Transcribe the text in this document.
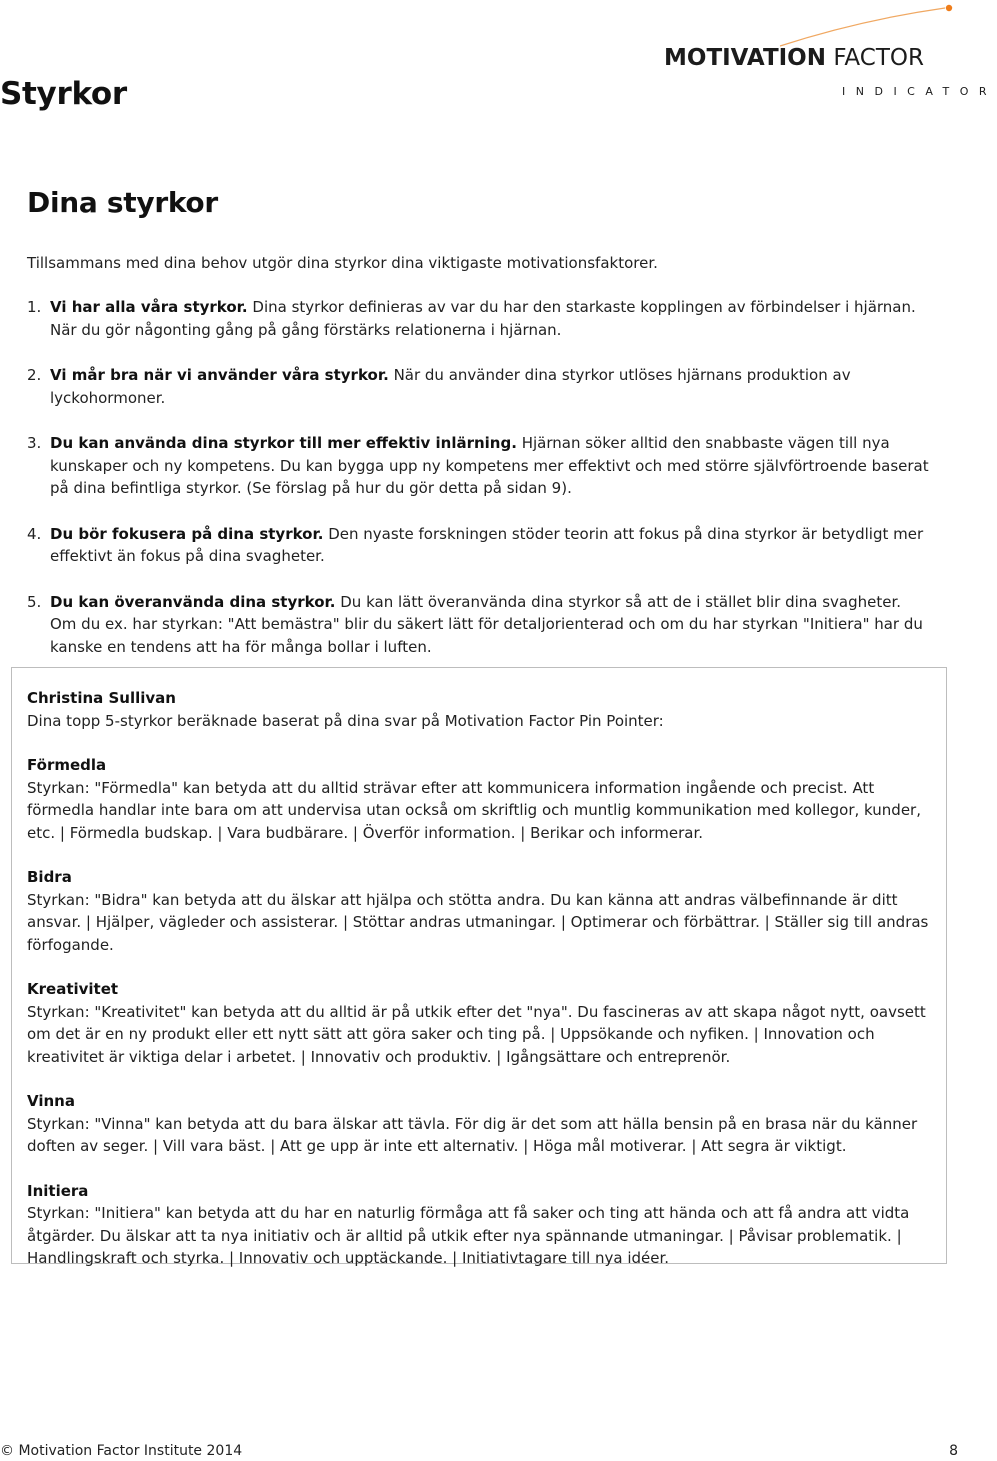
Styrkor
MOTIVATION FACTOR
INDICATOR
Dina styrkor

Tillsammans med dina behov utgör dina styrkor dina viktigaste motivationsfaktorer.

1. Vi har alla våra styrkor. Dina styrkor definieras av var du har den starkaste kopplingen av förbindelser i hjärnan. När du gör någonting gång på gång förstärks relationerna i hjärnan.

2. Vi mår bra när vi använder våra styrkor. När du använder dina styrkor utlöses hjärnans produktion av lyckohormoner.

3. Du kan använda dina styrkor till mer effektiv inlärning. Hjärnan söker alltid den snabbaste vägen till nya kunskaper och ny kompetens. Du kan bygga upp ny kompetens mer effektivt och med större självförtroende baserat på dina befintliga styrkor. (Se förslag på hur du gör detta på sidan 9).

4. Du bör fokusera på dina styrkor. Den nyaste forskningen stöder teorin att fokus på dina styrkor är betydligt mer effektivt än fokus på dina svagheter.

5. Du kan överanvända dina styrkor. Du kan lätt överanvända dina styrkor så att de i stället blir dina svagheter. Om du ex. har styrkan: "Att bemästra" blir du säkert lätt för detaljorienterad och om du har styrkan "Initiera" har du kanske en tendens att ha för många bollar i luften.

Christina Sullivan

Dina topp 5-styrkor beräknade baserat på dina svar på Motivation Factor Pin Pointer:

Förmedla

Styrkan: "Förmedla" kan betyda att du alltid strävar efter att kommunicera information ingående och precist. Att förmedla handlar inte bara om att undervisa utan också om skriftlig och muntlig kommunikation med kollegor, kunder, etc. | Förmedla budskap. | Vara budbärare. | Överför information. | Berikar och informerar.

Bidra

Styrkan: "Bidra" kan betyda att du älskar att hjälpa och stötta andra. Du kan känna att andras välbefinnande är ditt ansvar. | Hjälper, vägleder och assisterar. | Stöttar andras utmaningar. | Optimerar och förbättrar. | Ställer sig till andras förfogande.

Kreativitet

Styrkan: "Kreativitet" kan betyda att du alltid är på utkik efter det "nya". Du fascineras av att skapa något nytt, oavsett om det är en ny produkt eller ett nytt sätt att göra saker och ting på. | Uppsökande och nyfiken. | Innovation och kreativitet är viktiga delar i arbetet. | Innovativ och produktiv. | Igångsättare och entreprenör.

Vinna

Styrkan: "Vinna" kan betyda att du bara älskar att tävla. För dig är det som att hälla bensin på en brasa när du känner doften av seger. | Vill vara bäst. | Att ge upp är inte ett alternativ. | Höga mål motiverar. | Att segra är viktigt.

Initiera

Styrkan: "Initiera" kan betyda att du har en naturlig förmåga att få saker och ting att hända och att få andra att vidta åtgärder. Du älskar att ta nya initiativ och är alltid på utkik efter nya spännande utmaningar. | Påvisar problematik. | Handlingskraft och styrka. | Innovativ och upptäckande. | Initiativtagare till nya idéer.

© Motivation Factor Institute 2014	8
